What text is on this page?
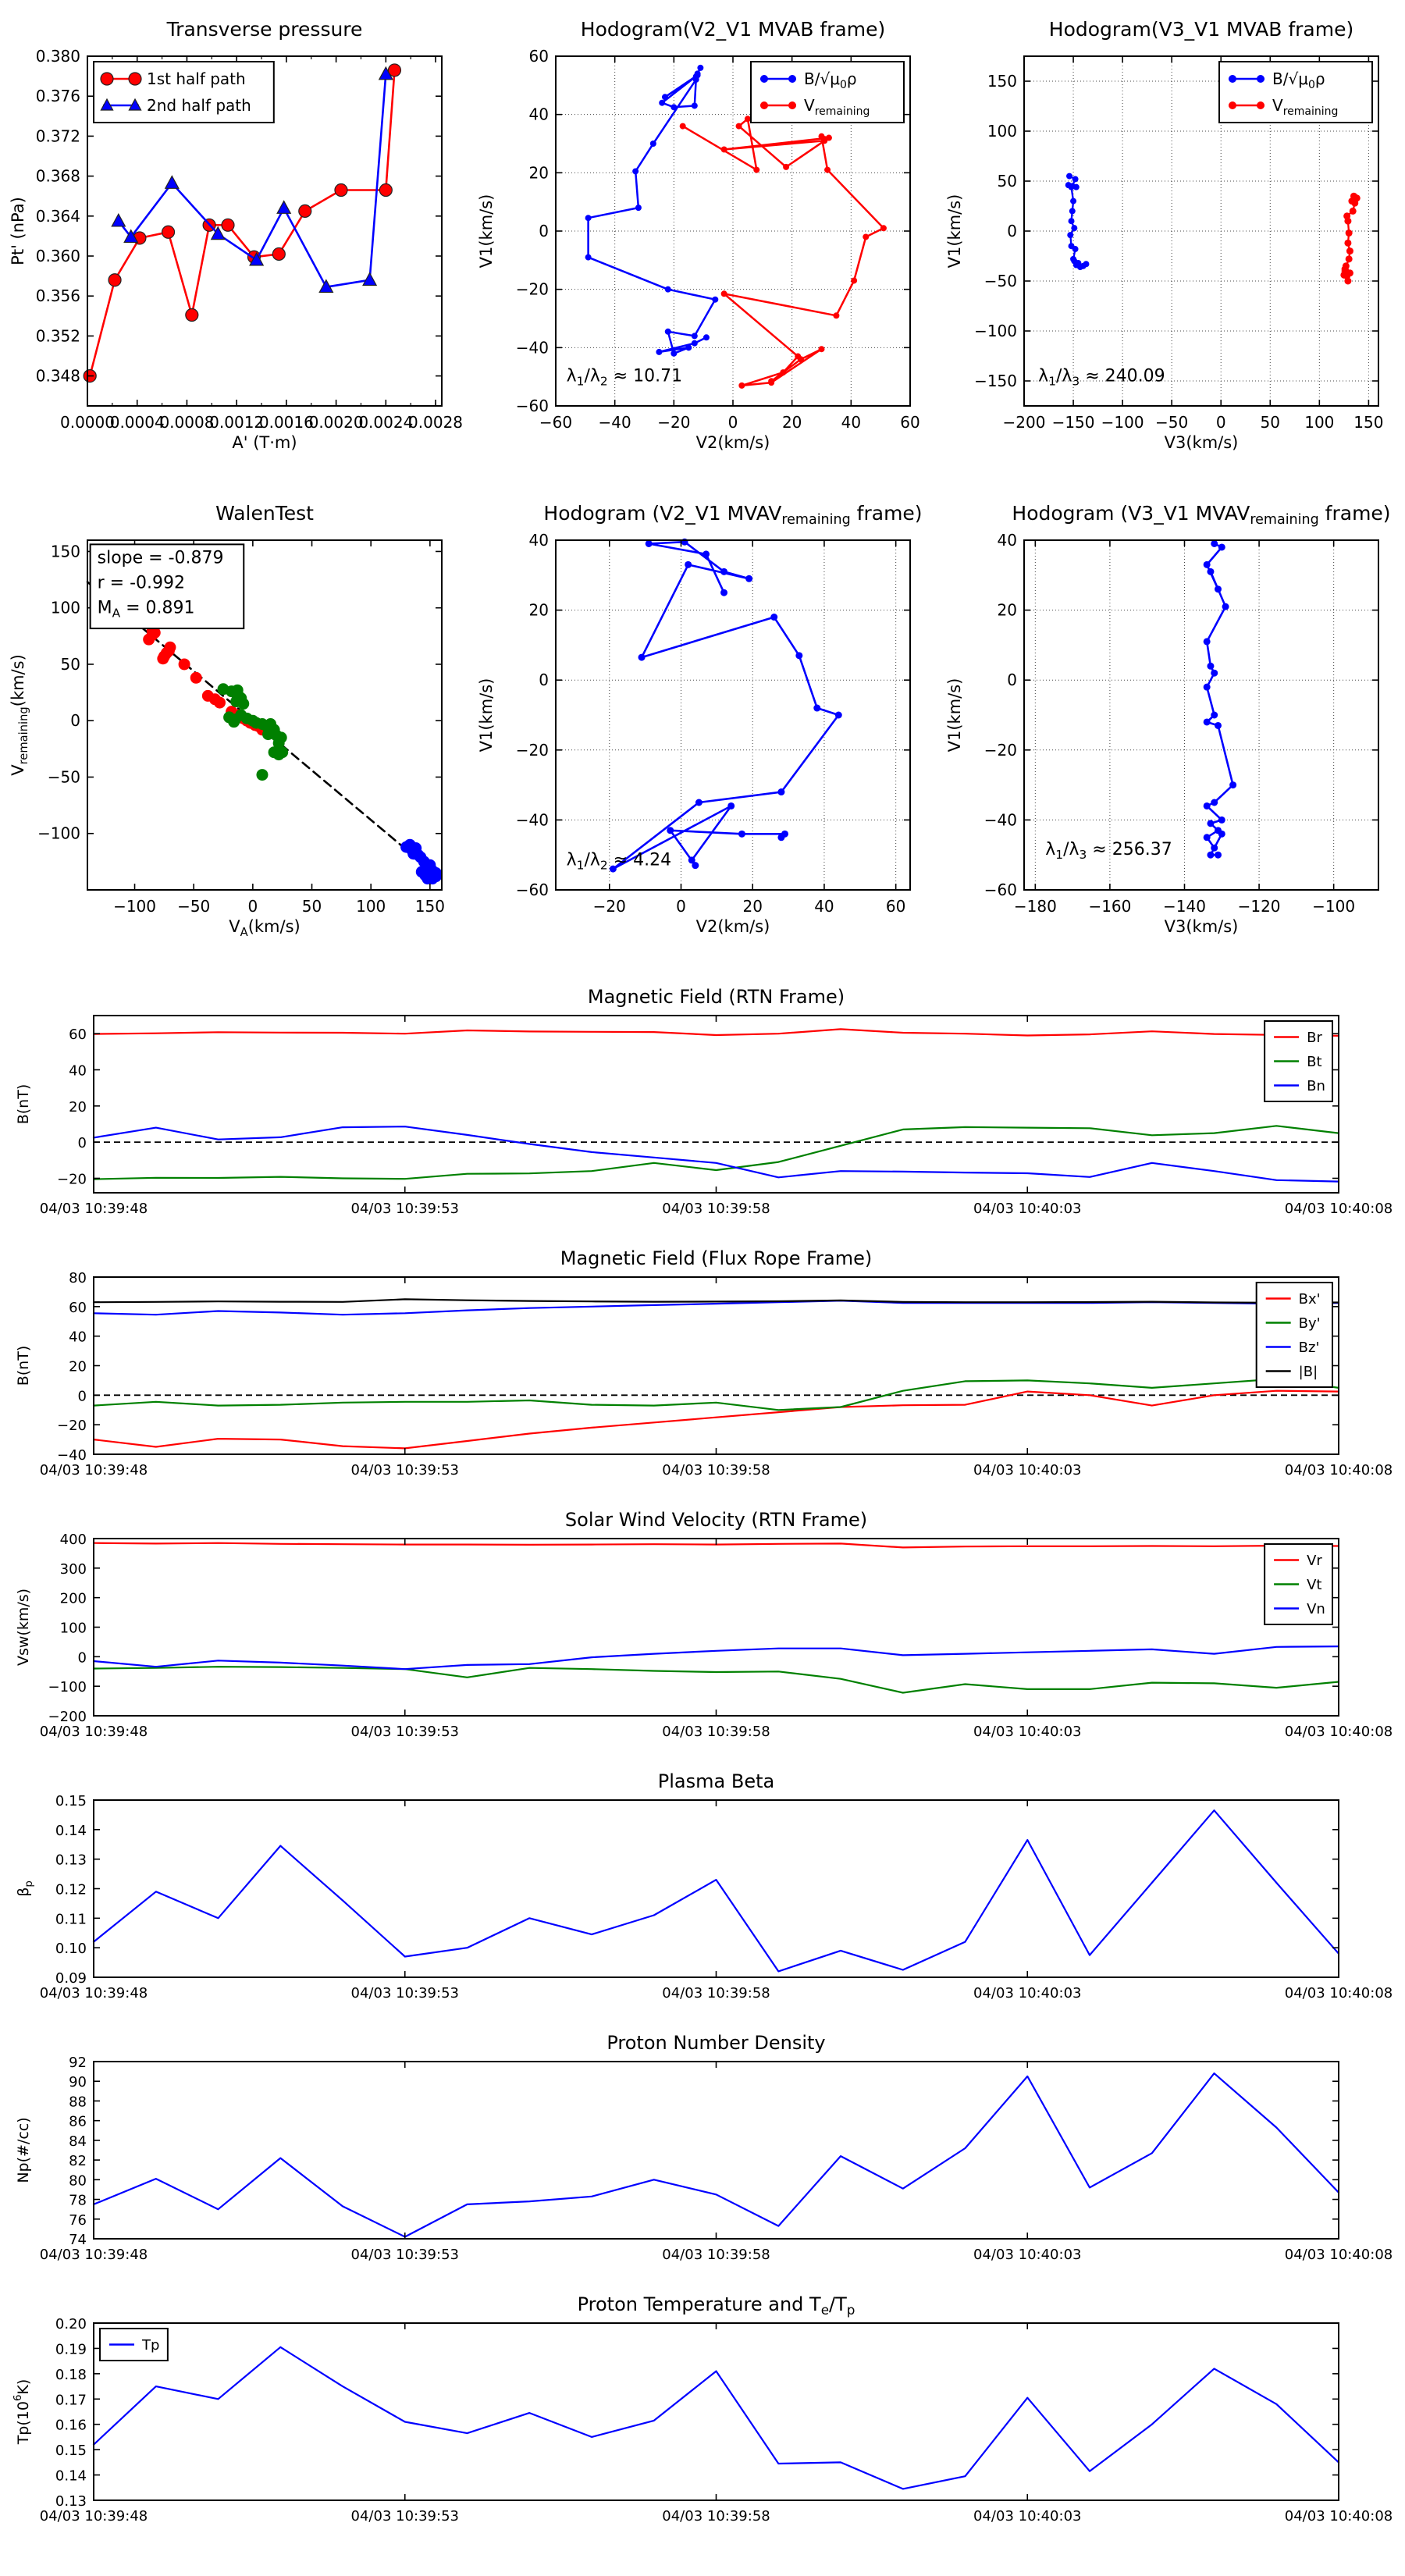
0.0000
0.0004
0.0008
0.0012
0.0016
0.0020
0.0024
0.0028
0.348
0.352
0.356
0.360
0.364
0.368
0.372
0.376
0.380
Transverse pressure
A' (T·m)
Pt' (nPa)
1st half path
2nd half path
−60 −40 −20 0	20	40	60
−60
−40
−20
0
20
40
60
Hodogram(V2_V1 MVAB frame)
V2(km/s)
V1(km/s)
$B/√\mu_0\rho$
$V_{remaining}$
$\lambda_1/\lambda_2 \approx 10.71$
−200 −150 −100 −50 0 50 100 150
−150
−100
−50
0
50
100
150
Hodogram(V3_V1 MVAB frame)
V3(km/s)
V1(km/s)
$B/√\mu_0\rho$
$V_{remaining}$
$\lambda_1/\lambda_3 \approx 240.09$
−100 −50 0	50 100 150
−100
−50
0
50
100
150
WalenTest
$V_A(km/s)$
$V_{remaining}(km/s)$
slope = -0.879
r = -0.992
$M_A = 0.891$
−20	0	20	40	60
−60
−40
−20
0
20
40
Hodogram (V2_V1 $MVAV_{remaining}$ frame)
V2(km/s)
V1(km/s)
$\lambda_1/\lambda_2 \approx 4.24$
−180 −160 −140 −120 −100
−60
−40
−20
0
20
40
Hodogram (V3_V1 $MVAV_{remaining}$ frame)
V3(km/s)
V1(km/s)
$\lambda_1/\lambda_3 \approx 256.37$
04/03 10:39:48	04/03 10:39:53	04/03 10:39:58	04/03 10:40:03	04/03 10:40:08
−20
0
20
40
60
Magnetic Field (RTN Frame)
B(nT)
Br
Bt
Bn
04/03 10:39:48	04/03 10:39:53	04/03 10:39:58	04/03 10:40:03	04/03 10:40:08
−40
−20
0
20
40
60
80
Magnetic Field (Flux Rope Frame)
B(nT)
Bx'
By'
Bz'
|B|
04/03 10:39:48	04/03 10:39:53	04/03 10:39:58	04/03 10:40:03	04/03 10:40:08
−200
−100
0
100
200
300
400
Solar Wind Velocity (RTN Frame)
Vsw(km/s)
Vr
Vt
Vn
04/03 10:39:48	04/03 10:39:53	04/03 10:39:58	04/03 10:40:03	04/03 10:40:08
0.09
0.10
0.11
0.12
0.13
0.14
0.15
Plasma Beta
$\beta_p$
04/03 10:39:48	04/03 10:39:53	04/03 10:39:58	04/03 10:40:03	04/03 10:40:08
74
76
78
80
82
84
86
88
90
92
Proton Number Density
Np(#/cc)
04/03 10:39:48	04/03 10:39:53	04/03 10:39:58	04/03 10:40:03	04/03 10:40:08
0.13
0.14
0.15
0.16
0.17
0.18
0.19
0.20
Proton Temperature and $T_e/T_p$
$Tp(10^6K)$
Tp
